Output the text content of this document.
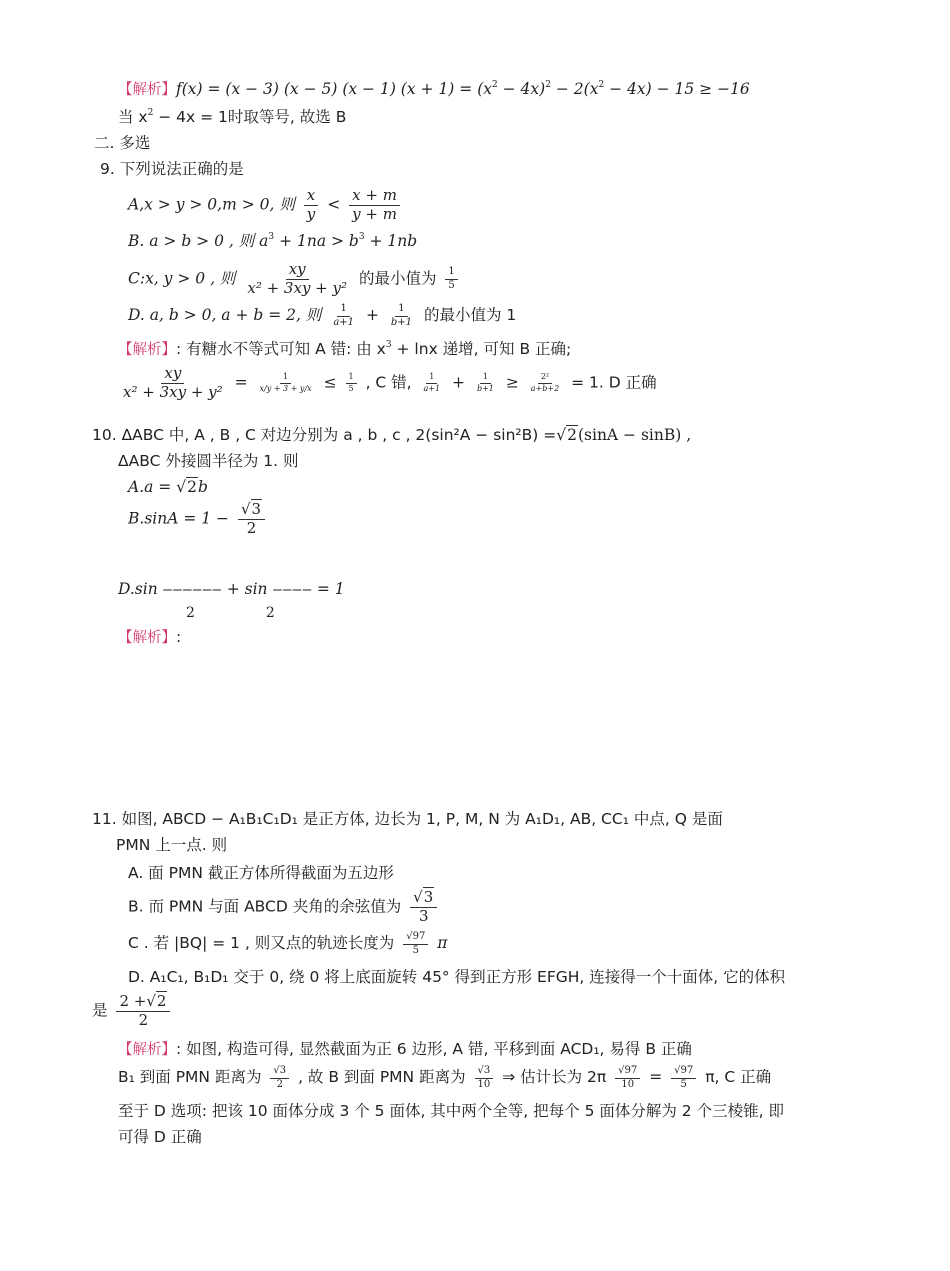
【解析】f(x) = (x − 3) (x − 5) (x − 1) $(x + 1) = (x^2 - 4x)^2 - 2(x^2 - 4x) - 15 \ge -16$
当 $x^2 - 4x = 1$时取等号, 故选 B
二. 多选
9. 下列说法正确的是
A,x > y > 0,m > 0, 则 $\frac{x}{y} < \frac{x + m}{y + m}$
B. a > b > 0 , 则 $a^3 + 1na > b^3 + 1nb$
C:x, y > 0 , 则 $\frac{xy}{\text{x² + 3xy + y²}}$ 的最小值为 $\frac{1}{5}$
D. a, b > 0, a + b = 2, 则 $\frac{1}{a+1} + \frac{1}{b+1}$ 的最小值为 1
【解析】: 有糖水不等式可知 A 错: 由 $x^3 + \ln x$ 递增, 可知 B 正确;
$\frac{xy}{\text{x² + 3xy + y²}} = \frac{1}{x/y + 3 + y/x} \le \frac{1}{5}$ , C 错, $\frac{1}{a+1} + \frac{1}{b+1} \ge \frac{\text{2²}}{a+b+2} = 1$. D 正确
10. ΔABC 中, A , B , C 对边分别为 a , b , c , 2(sin²A − sin²B) =√2(sinA − sinB) ,
ΔABC 外接圆半径为 1. 则
A.a = √2b
$B.\sin A = 1 - \frac{√3}{2}$
D.sin ‒‒‒‒‒‒ + sin ‒‒‒‒ = 1
2	2
【解析】:
11. 如图, ABCD − A₁B₁C₁D₁ 是正方体, 边长为 1, P, M, N 为 A₁D₁, AB, CC₁ 中点, Q 是面
PMN 上一点. 则
A. 面 PMN 截正方体所得截面为五边形
B. 而 PMN 与面 ABCD 夹角的余弦值为 $\frac{√3}{3}$
C . 若 |BQ| = 1 , 则又点的轨迹长度为 $\frac{√97}{5}$ π
D. A₁C₁, B₁D₁ 交于 0, 绕 0 将上底面旋转 45° 得到正方形 EFGH, 连接得一个十面体, 它的体积
是 $\frac{2 +√2}{2}$
【解析】: 如图, 构造可得, 显然截面为正 6 边形, A 错, 平移到面 ACD₁, 易得 B 正确
B₁ 到面 PMN 距离为 $\frac{√3}{2}$ , 故 B 到面 PMN 距离为 $\frac{√3}{10}$ ⇒ 估计长为 $2\pi \frac{√97}{10} = \frac{√97}{5} \pi$, C 正确
至于 D 选项: 把该 10 面体分成 3 个 5 面体, 其中两个全等, 把每个 5 面体分解为 2 个三棱锥, 即
可得 D 正确
